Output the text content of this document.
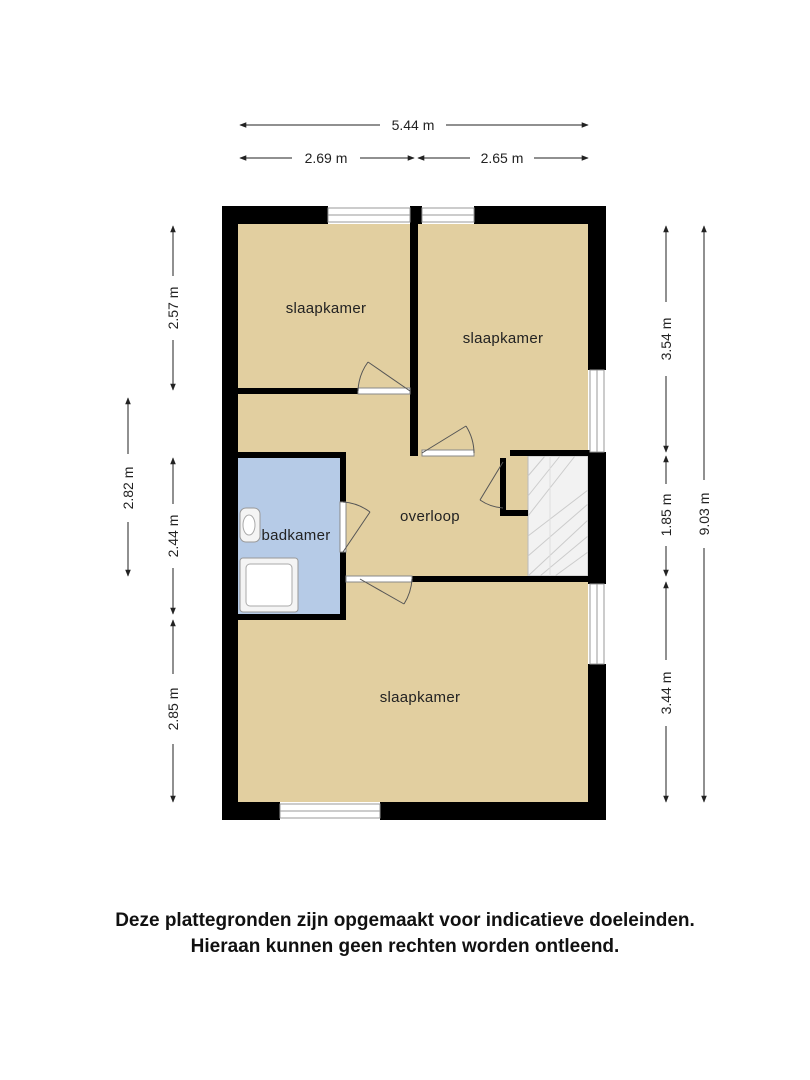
slaapkamer
slaapkamer
badkamer
overloop
slaapkamer
5.44 m
2.69 m	2.65 m
2.57 m
2.82 m
2.44 m
2.85 m
3.54 m
1.85 m
3.44 m
9.03 m
Deze plattegronden zijn opgemaakt voor indicatieve doeleinden.
Hieraan kunnen geen rechten worden ontleend.
